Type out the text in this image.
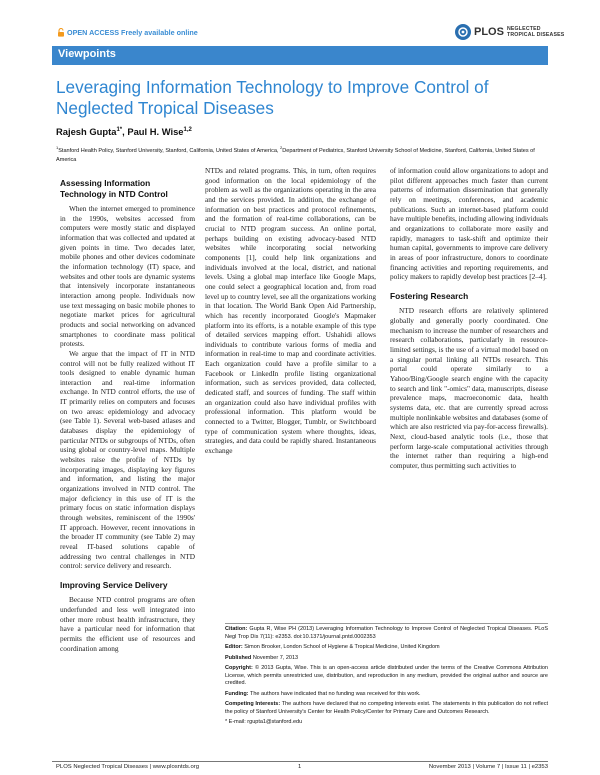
OPEN ACCESS Freely available online	PLOS NEGLECTED
TROPICAL DISEASES
Viewpoints
Leveraging Information Technology to Improve Control of Neglected Tropical Diseases
Rajesh Gupta$^{1*}$, Paul H. Wise$^{1,2}$
$^1$Stanford Health Policy, Stanford University, Stanford, California, United States of America, $^2$Department of Pediatrics, Stanford University School of Medicine, Stanford, California, United States of America
Assessing Information Technology in NTD Control

When the internet emerged to prominence in the 1990s, websites accessed from computers were mostly static and displayed information that was collected and updated at given points in time. Two decades later, mobile phones and other devices codominate the information technology (IT) space, and websites and other tools are dynamic systems that intensively incorporate instantaneous interaction among people. Individuals now use text messaging on basic mobile phones to negotiate market prices for agricultural products and social networking on advanced smartphones to coordinate mass political protests.

We argue that the impact of IT in NTD control will not be fully realized without IT tools designed to enable dynamic human interaction and real-time information exchange. In NTD control efforts, the use of IT primarily relies on computers and focuses on two areas: epidemiology and advocacy (see Table 1). Several web-based atlases and databases display the epidemiology of particular NTDs or subgroups of NTDs, often using global or country-level maps. Multiple websites raise the profile of NTDs by incorporating images, displaying key figures and information, and listing the major organizations involved in NTD control. The major deficiency in this use of IT is the primary focus on static information displays through websites, reminiscent of the 1990s' IT approach. However, recent innovations in the broader IT community (see Table 2) may reveal IT-based solutions capable of addressing two central challenges in NTD control: service delivery and research.

Improving Service Delivery

Because NTD control programs are often underfunded and less well integrated into other more robust health infrastructure, they have a particular need for information that permits the efficient use of resources and coordination among

NTDs and related programs. This, in turn, often requires good information on the local epidemiology of the problem as well as the organizations operating in the area and the services provided. In addition, the exchange of information on best practices and protocol refinements, and the formation of real-time collaborations, can be crucial to NTD program success. An online portal, perhaps building on existing advocacy-based NTD websites while incorporating social networking components [1], could help link organizations and individuals involved at the local, district, and national levels. Using a global map interface like Google Maps, one could select a geographical location and, from road level up to country level, see all the organizations working in that location. The World Bank Open Aid Partnership, which has recently incorporated Google's Mapmaker platform into its efforts, is a notable example of this type of detailed services mapping effort. Ushahidi allows individuals to contribute various forms of media and information in real-time to map and coordinate activities. Each organization could have a profile similar to a Facebook or LinkedIn profile listing organizational information, such as services provided, data collected, dedicated staff, and sources of funding. The staff within an organization could also have individual profiles with professional information. This platform would be connected to a Twitter, Blogger, Tumblr, or Switchboard type of communication system where thoughts, ideas, strategies, and data could be rapidly shared. Instantaneous exchange

of information could allow organizations to adopt and pilot different approaches much faster than current patterns of information dissemination that generally rely on meetings, conferences, and academic publications. Such an internet-based platform could have multiple benefits, including allowing individuals and organizations to collaborate more easily and rapidly, managers to task-shift and optimize their human capital, governments to improve care delivery in areas of poor infrastructure, donors to coordinate financing activities and reporting requirements, and policy makers to rapidly develop best practices [2–4].

Fostering Research

NTD research efforts are relatively splintered globally and generally poorly coordinated. One mechanism to increase the number of researchers and research collaborations, particularly in resource-limited settings, is the use of a virtual model based on a singular portal linking all NTDs research. This portal could operate similarly to a Yahoo/Bing/Google search engine with the capacity to search and link "-omics" data, manuscripts, disease prevalence maps, macroeconomic data, health systems data, etc. that are currently spread across multiple nonlinkable websites and databases (some of which are also restricted via pay-for-access firewalls). Next, cloud-based analytic tools (i.e., those that perform large-scale computational activities through the internet rather than requiring a high-end computer, thus permitting such activities to

Citation: Gupta R, Wise PH (2013) Leveraging Information Technology to Improve Control of Neglected Tropical Diseases. PLoS Negl Trop Dis 7(11): e2353. doi:10.1371/journal.pntd.0002353
Editor: Simon Brooker, London School of Hygiene & Tropical Medicine, United Kingdom
Published November 7, 2013
Copyright: © 2013 Gupta, Wise. This is an open-access article distributed under the terms of the Creative Commons Attribution License, which permits unrestricted use, distribution, and reproduction in any medium, provided the original author and source are credited.
Funding: The authors have indicated that no funding was received for this work.
Competing Interests: The authors have declared that no competing interests exist. The statements in this publication do not reflect the policy of Stanford University's Center for Health Policy/Center for Primary Care and Outcomes Research.
* E-mail: rgupta1@stanford.edu
PLOS Neglected Tropical Diseases | www.plosntds.org	1	November 2013 | Volume 7 | Issue 11 | e2353
